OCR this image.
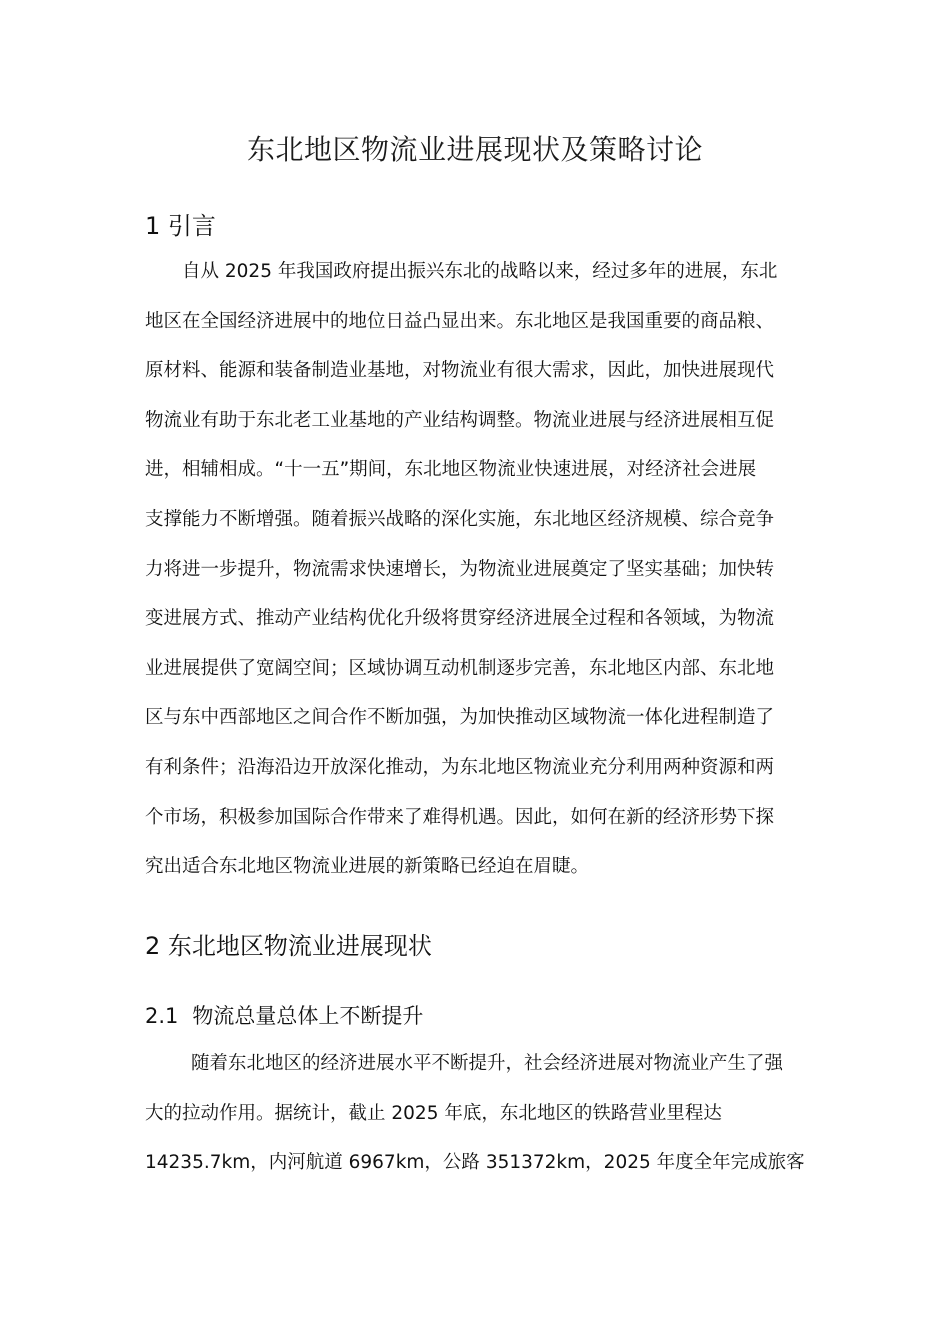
东北地区物流业进展现状及策略讨论
1 引言
自从 2025 年我国政府提出振兴东北的战略以来，经过多年的进展，东北
地区在全国经济进展中的地位日益凸显出来。东北地区是我国重要的商品粮、
原材料、能源和装备制造业基地，对物流业有很大需求，因此，加快进展现代
物流业有助于东北老工业基地的产业结构调整。物流业进展与经济进展相互促
进，相辅相成。“十一五”期间，东北地区物流业快速进展，对经济社会进展
支撑能力不断增强。随着振兴战略的深化实施，东北地区经济规模、综合竞争
力将进一步提升，物流需求快速增长，为物流业进展奠定了坚实基础；加快转
变进展方式、推动产业结构优化升级将贯穿经济进展全过程和各领域，为物流
业进展提供了宽阔空间；区域协调互动机制逐步完善，东北地区内部、东北地
区与东中西部地区之间合作不断加强，为加快推动区域物流一体化进程制造了
有利条件；沿海沿边开放深化推动，为东北地区物流业充分利用两种资源和两
个市场，积极参加国际合作带来了难得机遇。因此，如何在新的经济形势下探
究出适合东北地区物流业进展的新策略已经迫在眉睫。
2 东北地区物流业进展现状
2.1 物流总量总体上不断提升
随着东北地区的经济进展水平不断提升，社会经济进展对物流业产生了强
大的拉动作用。据统计，截止 2025 年底，东北地区的铁路营业里程达
14235.7km，内河航道 6967km，公路 351372km，2025 年度全年完成旅客
